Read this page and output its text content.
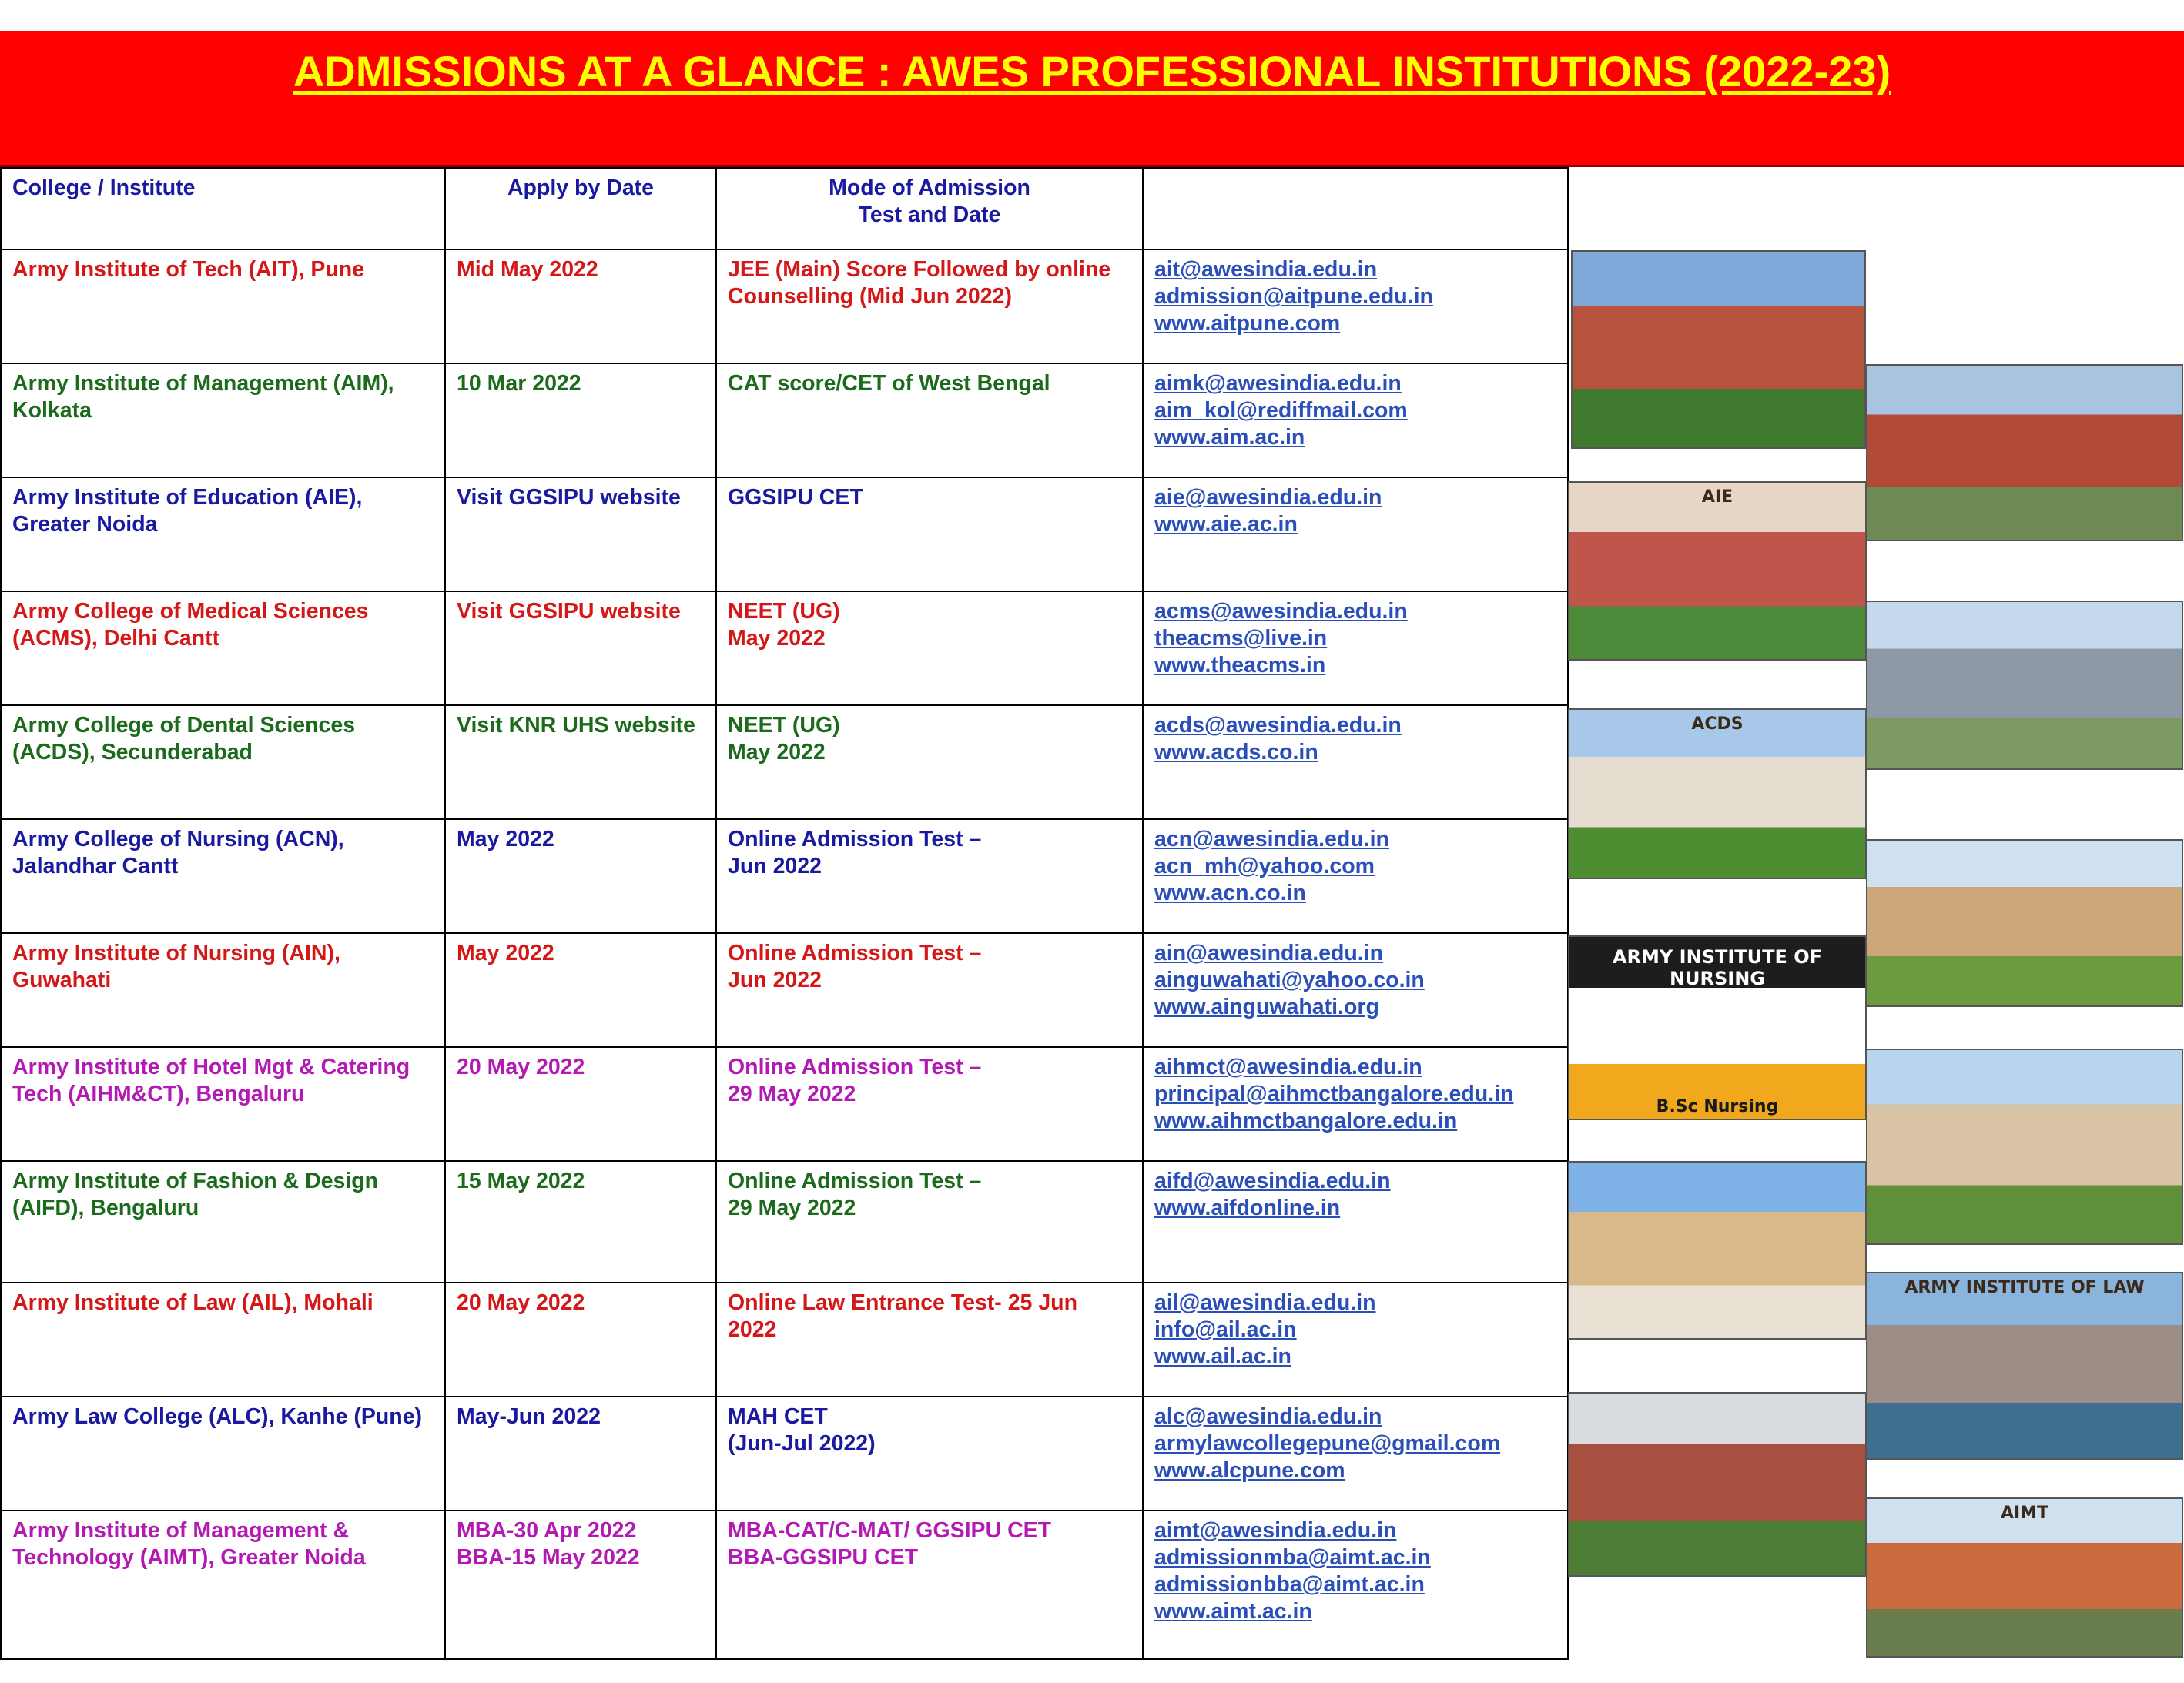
ADMISSIONS AT A GLANCE : AWES PROFESSIONAL INSTITUTIONS (2022-23)
College / Institute	Apply by Date	Mode of Admission
Test and Date	

Army Institute of Tech (AIT), Pune	Mid May 2022	JEE (Main) Score Followed by online
Counselling (Mid Jun 2022)	ait@awesindia.edu.in
admission@aitpune.edu.in
www.aitpune.com

Army Institute of Management (AIM),
Kolkata	10 Mar 2022	CAT score/CET of West Bengal	aimk@awesindia.edu.in
aim_kol@rediffmail.com
www.aim.ac.in

Army Institute of Education (AIE),
Greater Noida	Visit GGSIPU website	GGSIPU CET	aie@awesindia.edu.in
www.aie.ac.in

Army College of Medical Sciences
(ACMS), Delhi Cantt	Visit GGSIPU website	NEET (UG)
May 2022	acms@awesindia.edu.in
theacms@live.in
www.theacms.in

Army College of Dental Sciences
(ACDS), Secunderabad	Visit KNR UHS website	NEET (UG)
May 2022	acds@awesindia.edu.in
www.acds.co.in

Army College of Nursing (ACN),
Jalandhar Cantt	May 2022	Online Admission Test –
Jun 2022	acn@awesindia.edu.in
acn_mh@yahoo.com
www.acn.co.in

Army Institute of Nursing (AIN),
Guwahati	May 2022	Online Admission Test –
Jun 2022	ain@awesindia.edu.in
ainguwahati@yahoo.co.in
www.ainguwahati.org

Army Institute of Hotel Mgt & Catering
Tech (AIHM&CT), Bengaluru	20 May 2022	Online Admission Test –
29 May 2022	aihmct@awesindia.edu.in
principal@aihmctbangalore.edu.in
www.aihmctbangalore.edu.in

Army Institute of Fashion & Design
(AIFD), Bengaluru	15 May 2022	Online Admission Test –
29 May 2022	aifd@awesindia.edu.in
www.aifdonline.in

Army Institute of Law (AIL), Mohali	20 May 2022	Online Law Entrance Test- 25 Jun
2022	ail@awesindia.edu.in
info@ail.ac.in
www.ail.ac.in

Army Law College (ALC), Kanhe (Pune)	May-Jun 2022	MAH CET
(Jun-Jul 2022)	alc@awesindia.edu.in
armylawcollegepune@gmail.com
www.alcpune.com

Army Institute of Management &
Technology (AIMT), Greater Noida	MBA-30 Apr 2022
BBA-15 May 2022	MBA-CAT/C-MAT/ GGSIPU CET
BBA-GGSIPU CET	aimt@awesindia.edu.in
admissionmba@aimt.ac.in
admissionbba@aimt.ac.in
www.aimt.ac.in
AIE
ACDS
ARMY INSTITUTE OF NURSING
GUWAHATI
B.Sc Nursing
ARMY INSTITUTE OF LAW
AIMT
